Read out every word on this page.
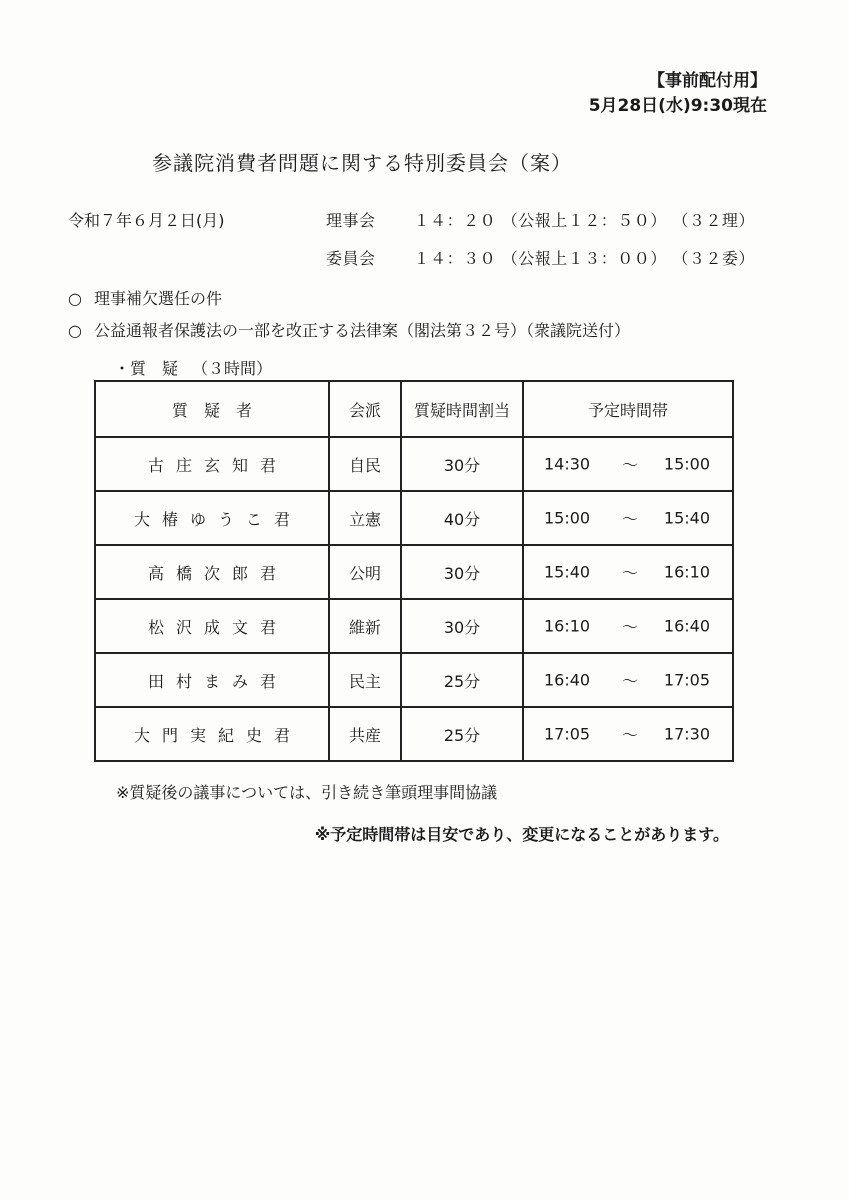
【事前配付用】
5月28日(水)9:30現在
参議院消費者問題に関する特別委員会（案）
令和７年６月２日(月)	理事会 １４：２０ （公報上１２：５０） （３２理）
委員会 １４：３０ （公報上１３：００） （３２委）
○ 理事補欠選任の件
○ 公益通報者保護法の一部を改正する法律案（閣法第３２号）（衆議院送付）
・質　疑 （３時間）
質　疑　者	会派	質疑時間割当	予定時間帯
古庄玄知君	自民	30分	14:30 ～ 15:00

大椿ゆうこ君	立憲	40分	15:00 ～ 15:40

高橋次郎君	公明	30分	15:40 ～ 16:10

松沢成文君	維新	30分	16:10 ～ 16:40

田村まみ君	民主	25分	16:40 ～ 17:05

大門実紀史君	共産	25分	17:05 ～ 17:30
※質疑後の議事については、引き続き筆頭理事間協議
※予定時間帯は目安であり、変更になることがあります。
